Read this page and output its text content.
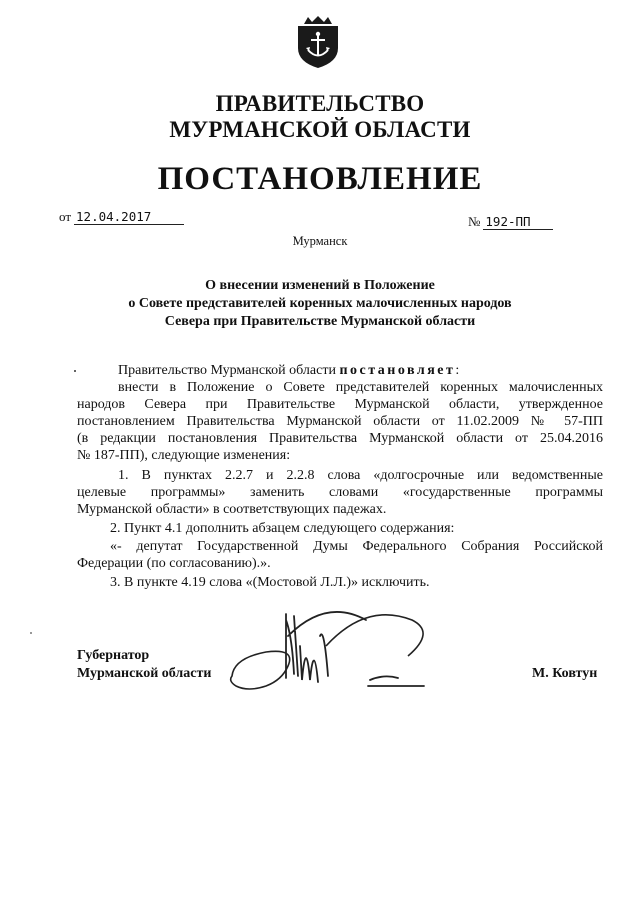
ПРАВИТЕЛЬСТВО
МУРМАНСКОЙ ОБЛАСТИ
ПОСТАНОВЛЕНИЕ
от 12.04.2017	№ 192-ПП
Мурманск
О внесении изменений в Положение
о Совете представителей коренных малочисленных народов
Севера при Правительстве Мурманской области
Правительство Мурманской области постановляет:
внести в Положение о Совете представителей коренных малочисленных
народов Севера при Правительстве Мурманской области, утвержденное
постановлением Правительства Мурманской области от 11.02.2009 № 57-ПП
(в редакции постановления Правительства Мурманской области от 25.04.2016
№ 187-ПП), следующие изменения:
1. В пунктах 2.2.7 и 2.2.8 слова «долгосрочные или ведомственные
целевые программы» заменить словами «государственные программы
Мурманской области» в соответствующих падежах.
2. Пункт 4.1 дополнить абзацем следующего содержания:
«- депутат Государственной Думы Федерального Собрания Российской
Федерации (по согласованию).».
3. В пункте 4.19 слова «(Мостовой Л.Л.)» исключить.
Губернатор
Мурманской области	М. Ковтун
